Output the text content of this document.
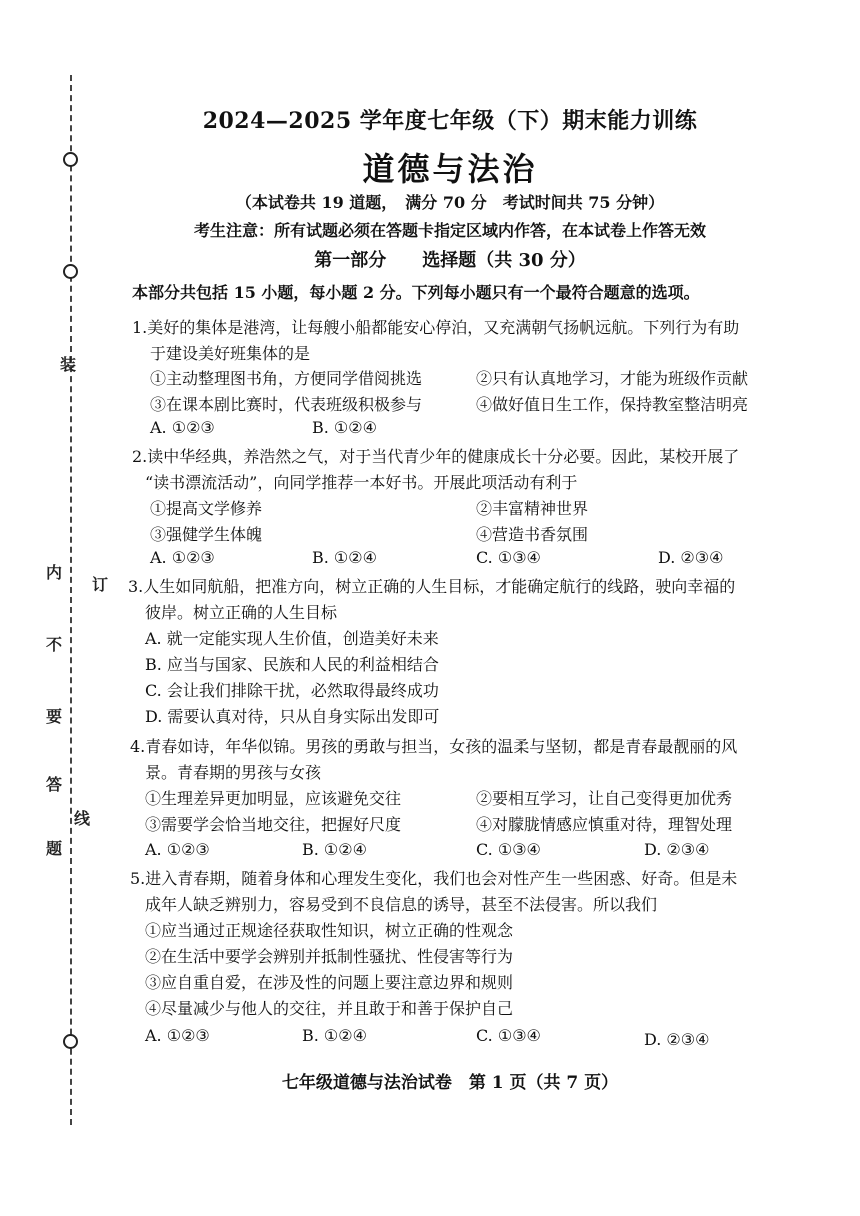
装
订
线
内
不
要
答
题
2024—2025 学年度七年级（下）期末能力训练
道德与法治
（本试卷共 19 道题，　满分 70 分　考试时间共 75 分钟）
考生注意：所有试题必须在答题卡指定区域内作答，在本试卷上作答无效
第一部分　　选择题（共 30 分）
本部分共包括 15 小题，每小题 2 分。下列每小题只有一个最符合题意的选项。
1.美好的集体是港湾，让每艘小船都能安心停泊，又充满朝气扬帆远航。下列行为有助
于建设美好班集体的是
①主动整理图书角，方便同学借阅挑选	②只有认真地学习，才能为班级作贡献
③在课本剧比赛时，代表班级积极参与	④做好值日生工作，保持教室整洁明亮
A. ①②③	B. ①②④
2.读中华经典，养浩然之气，对于当代青少年的健康成长十分必要。因此，某校开展了
“读书漂流活动”，向同学推荐一本好书。开展此项活动有利于
①提高文学修养	②丰富精神世界
③强健学生体魄	④营造书香氛围
A. ①②③	B. ①②④	C. ①③④	D. ②③④
3.人生如同航船，把准方向，树立正确的人生目标，才能确定航行的线路，驶向幸福的
彼岸。树立正确的人生目标
A. 就一定能实现人生价值，创造美好未来
B. 应当与国家、民族和人民的利益相结合
C. 会让我们排除干扰，必然取得最终成功
D. 需要认真对待，只从自身实际出发即可
4.青春如诗，年华似锦。男孩的勇敢与担当，女孩的温柔与坚韧，都是青春最靓丽的风
景。青春期的男孩与女孩
①生理差异更加明显，应该避免交往	②要相互学习，让自己变得更加优秀
③需要学会恰当地交往，把握好尺度	④对朦胧情感应慎重对待，理智处理
A. ①②③	B. ①②④	C. ①③④	D. ②③④
5.进入青春期，随着身体和心理发生变化，我们也会对性产生一些困惑、好奇。但是未
成年人缺乏辨别力，容易受到不良信息的诱导，甚至不法侵害。所以我们
①应当通过正规途径获取性知识，树立正确的性观念
②在生活中要学会辨别并抵制性骚扰、性侵害等行为
③应自重自爱，在涉及性的问题上要注意边界和规则
④尽量减少与他人的交往，并且敢于和善于保护自己
A. ①②③	B. ①②④	C. ①③④	D. ②③④
七年级道德与法治试卷　第 1 页（共 7 页）
